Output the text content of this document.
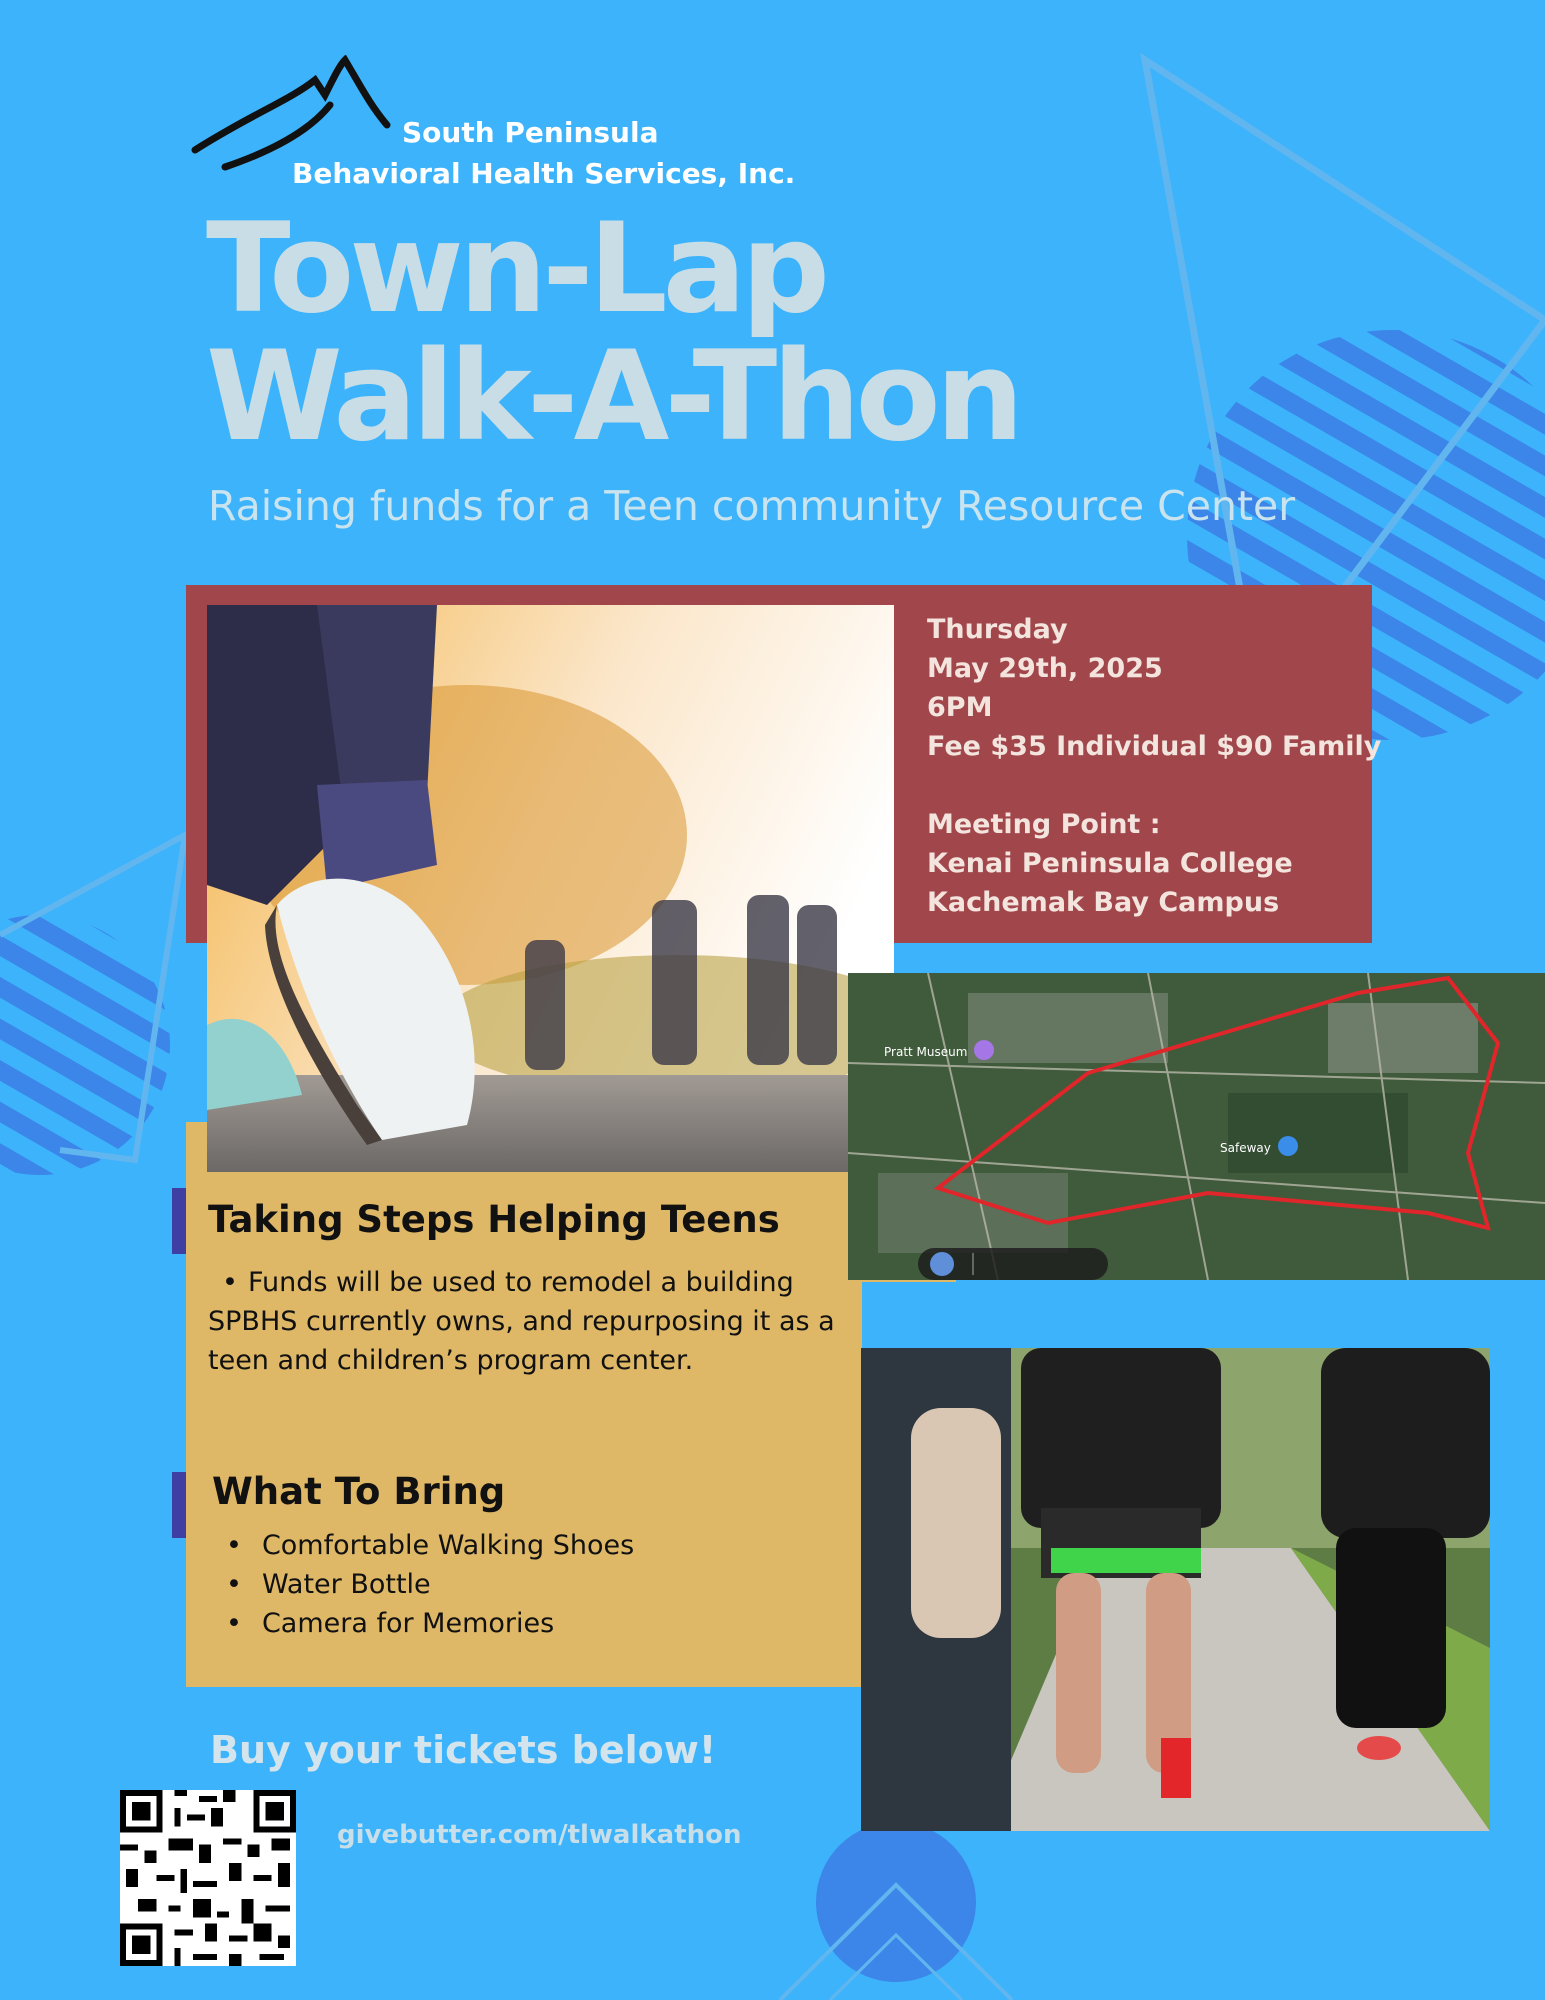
South Peninsula
Behavioral Health Services, Inc.
Town-Lap
Walk-A-Thon
Raising funds for a Teen community Resource Center
Thursday
May 29th, 2025
6PM
Fee $35 Individual $90 Family
Meeting Point :
Kenai Peninsula College
Kachemak Bay Campus
Taking Steps Helping Teens
• Funds will be used to remodel a building
SPBHS currently owns, and repurposing it as a
teen and children’s program center.
What To Bring
• Comfortable Walking Shoes
• Water Bottle
• Camera for Memories
Pratt Museum
Safeway
Buy your tickets below!
givebutter.com/tlwalkathon
